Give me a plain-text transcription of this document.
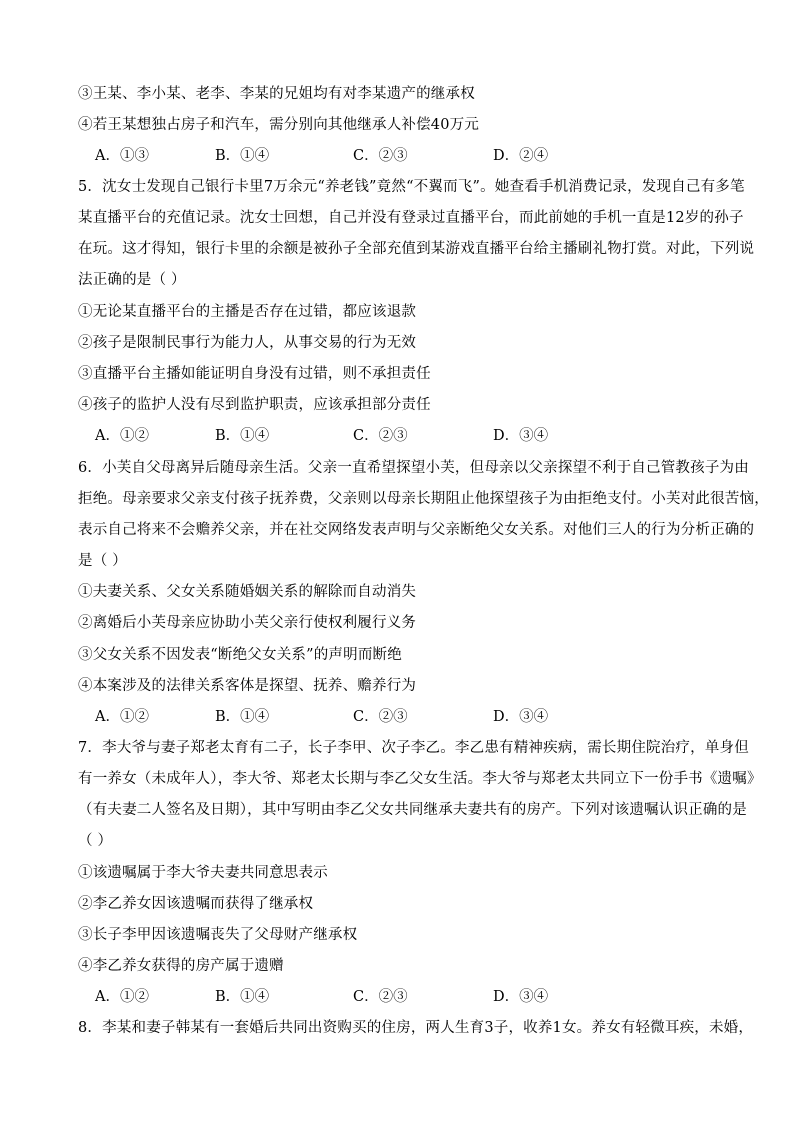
③王某、李小某、老李、李某的兄姐均有对李某遗产的继承权
④若王某想独占房子和汽车，需分别向其他继承人补偿40万元
A．①③	B．①④	C．②③	D．②④
5．沈女士发现自己银行卡里7万余元“养老钱”竟然“不翼而飞”。她查看手机消费记录，发现自己有多笔
某直播平台的充值记录。沈女士回想，自己并没有登录过直播平台，而此前她的手机一直是12岁的孙子
在玩。这才得知，银行卡里的余额是被孙子全部充值到某游戏直播平台给主播刷礼物打赏。对此，下列说
法正确的是（ ）
①无论某直播平台的主播是否存在过错，都应该退款
②孩子是限制民事行为能力人，从事交易的行为无效
③直播平台主播如能证明自身没有过错，则不承担责任
④孩子的监护人没有尽到监护职责，应该承担部分责任
A．①②	B．①④	C．②③	D．③④
6．小芙自父母离异后随母亲生活。父亲一直希望探望小芙，但母亲以父亲探望不利于自己管教孩子为由
拒绝。母亲要求父亲支付孩子抚养费，父亲则以母亲长期阻止他探望孩子为由拒绝支付。小芙对此很苦恼，
表示自己将来不会赡养父亲，并在社交网络发表声明与父亲断绝父女关系。对他们三人的行为分析正确的
是（ ）
①夫妻关系、父女关系随婚姻关系的解除而自动消失
②离婚后小芙母亲应协助小芙父亲行使权利履行义务
③父女关系不因发表“断绝父女关系”的声明而断绝
④本案涉及的法律关系客体是探望、抚养、赡养行为
A．①②	B．①④	C．②③	D．③④
7．李大爷与妻子郑老太育有二子，长子李甲、次子李乙。李乙患有精神疾病，需长期住院治疗，单身但
有一养女（未成年人），李大爷、郑老太长期与李乙父女生活。李大爷与郑老太共同立下一份手书《遗嘱》
（有夫妻二人签名及日期），其中写明由李乙父女共同继承夫妻共有的房产。下列对该遗嘱认识正确的是
（ ）
①该遗嘱属于李大爷夫妻共同意思表示
②李乙养女因该遗嘱而获得了继承权
③长子李甲因该遗嘱丧失了父母财产继承权
④李乙养女获得的房产属于遗赠
A．①②	B．①④	C．②③	D．③④
8．李某和妻子韩某有一套婚后共同出资购买的住房，两人生育3子，收养1女。养女有轻微耳疾，未婚，
